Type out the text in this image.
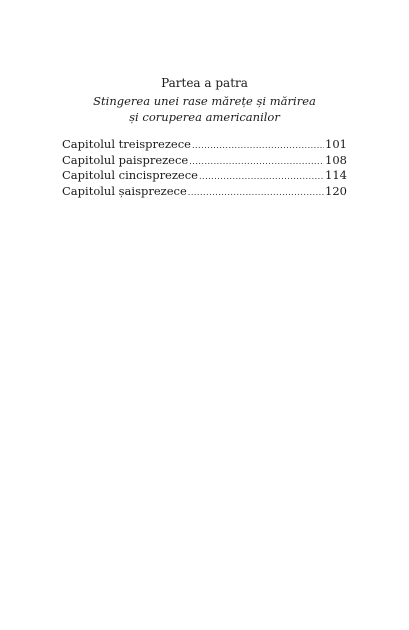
Partea a patra
Stingerea unei rase mărețe și mărirea
și coruperea americanilor
Capitolul treisprezece .....	101
Capitolul paisprezece .....	108
Capitolul cincisprezece .....	114
Capitolul șaisprezece .....	120
